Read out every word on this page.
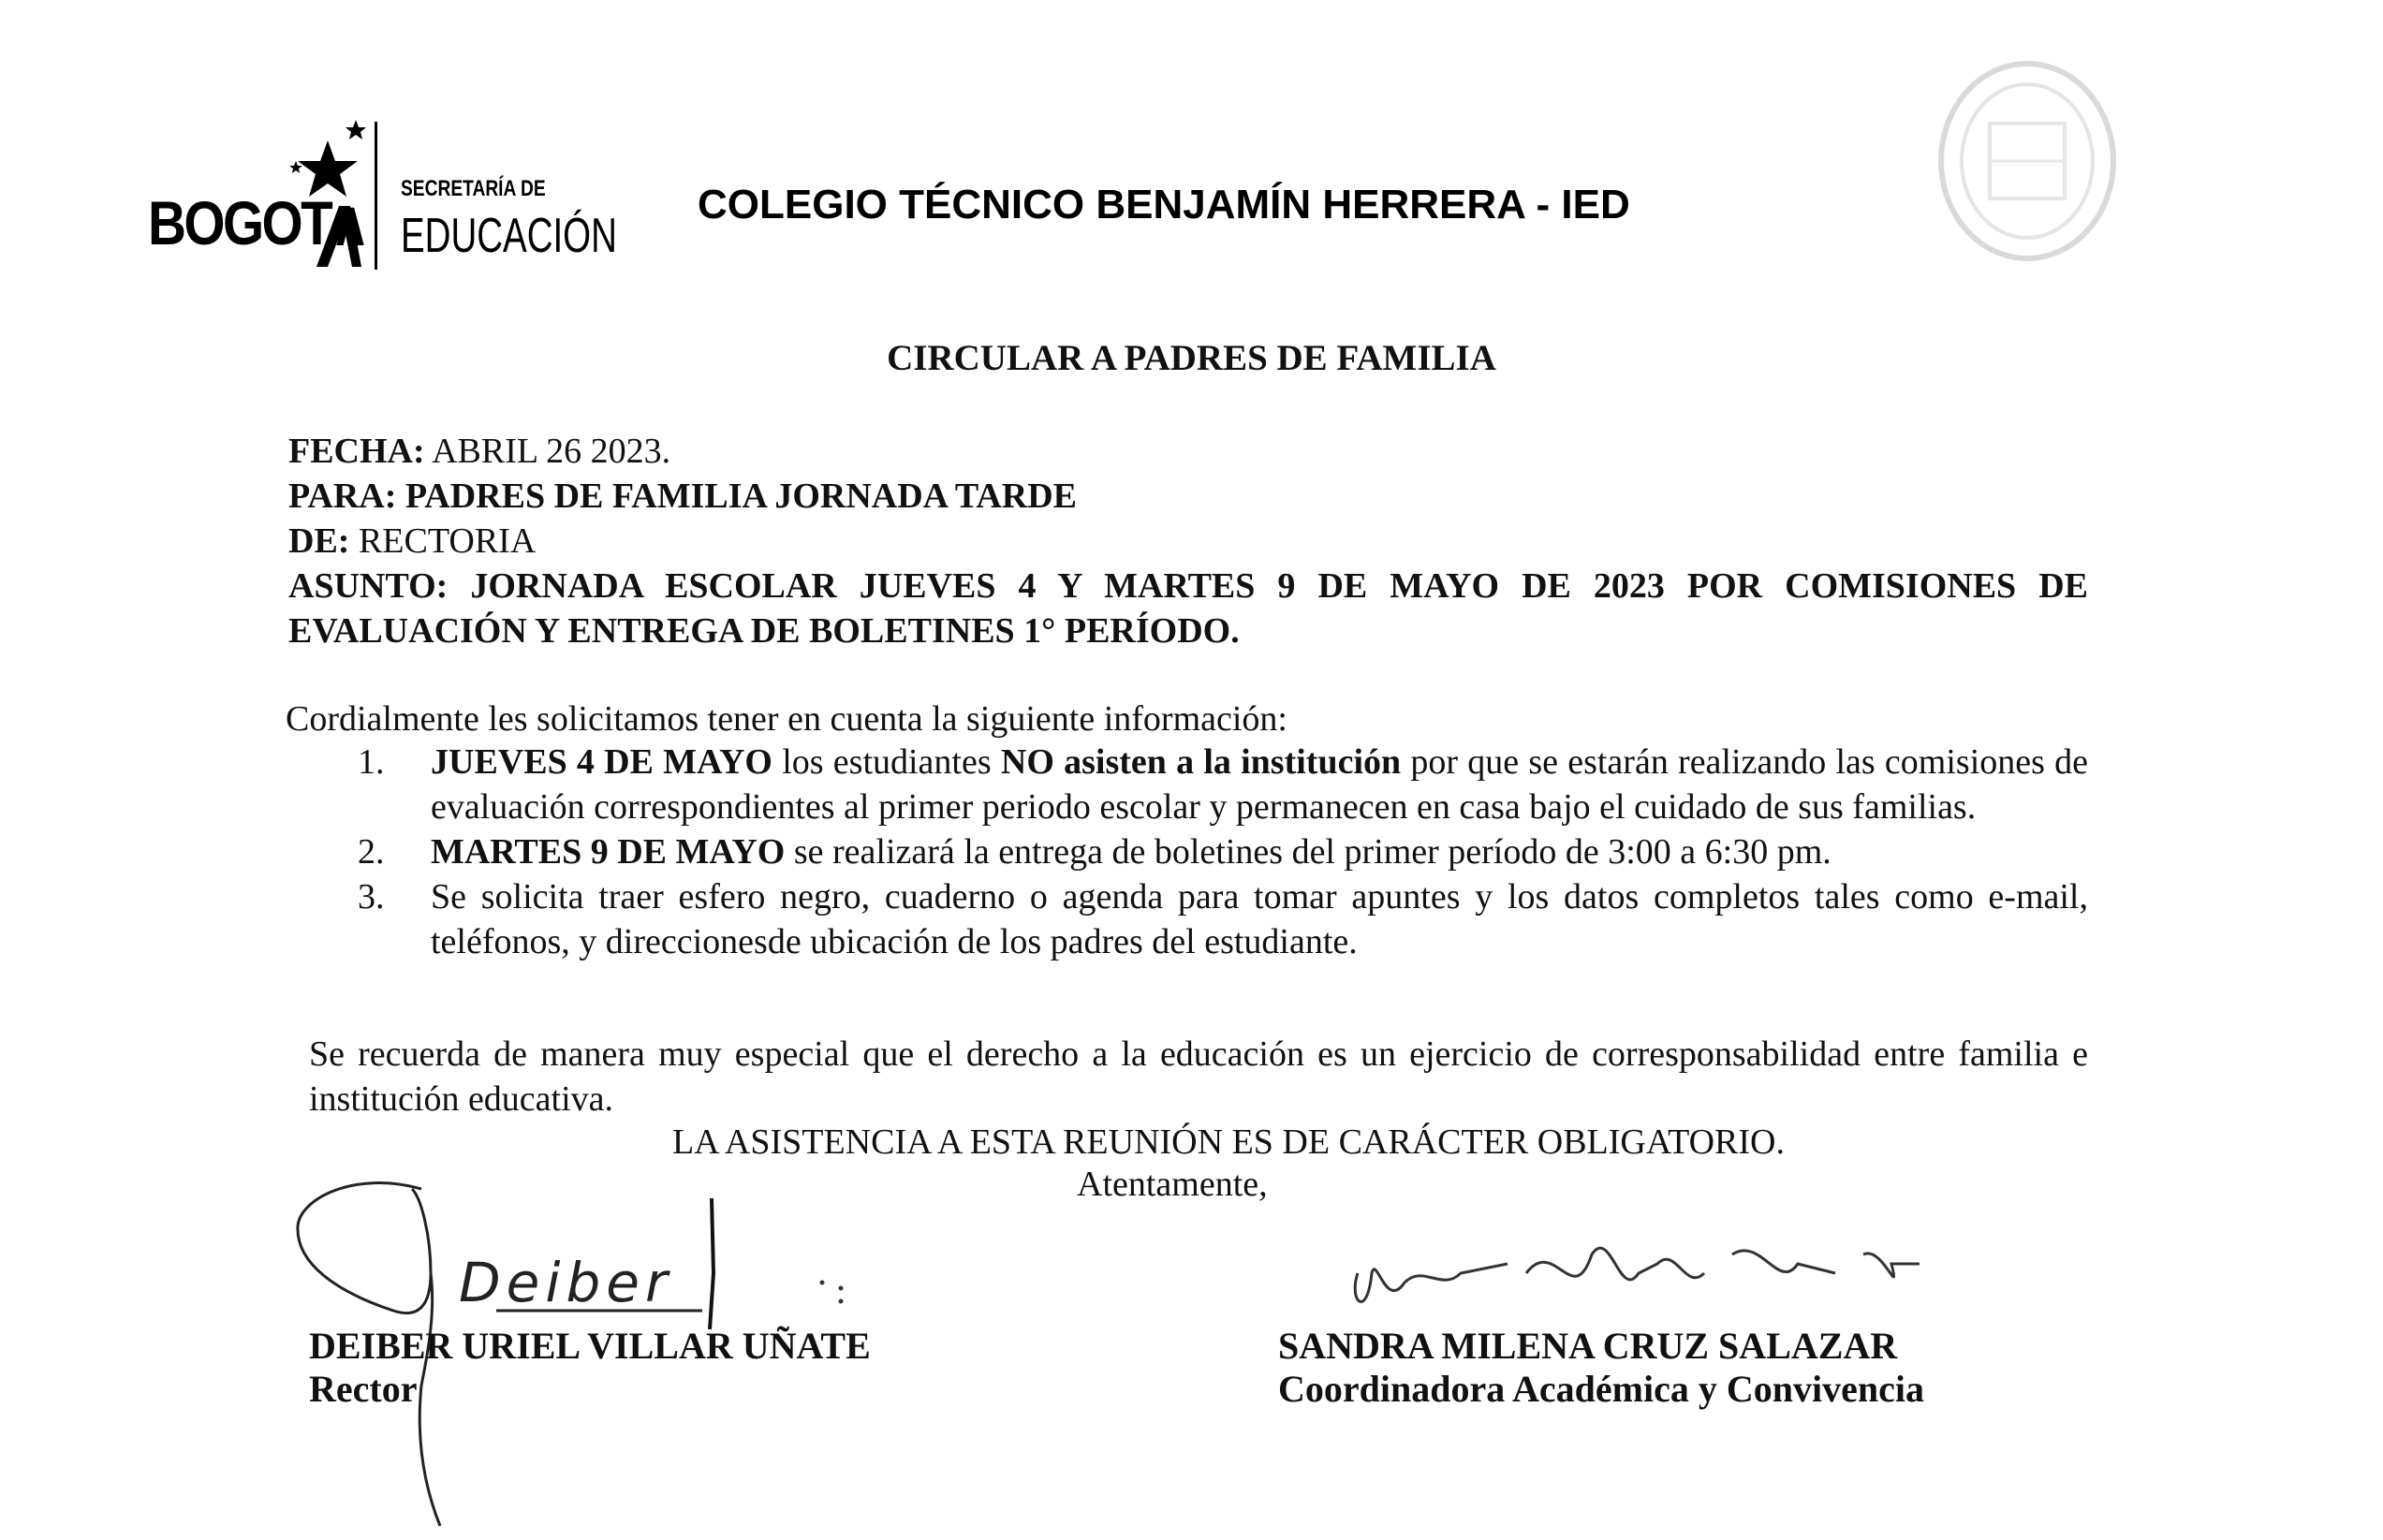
BOGOT∧ SECRETARÍA DE
EDUCACIÓN
COLEGIO TÉCNICO BENJAMÍN HERRERA - IED
CIRCULAR A PADRES DE FAMILIA
FECHA: ABRIL 26 2023.
PARA: PADRES DE FAMILIA JORNADA TARDE
DE: RECTORIA
ASUNTO: JORNADA ESCOLAR JUEVES 4 Y MARTES 9 DE MAYO DE 2023 POR COMISIONES DE EVALUACIÓN Y ENTREGA DE BOLETINES 1° PERÍODO.
Cordialmente les solicitamos tener en cuenta la siguiente información:
1. JUEVES 4 DE MAYO los estudiantes NO asisten a la institución por que se estarán realizando las comisiones de evaluación correspondientes al primer periodo escolar y permanecen en casa bajo el cuidado de sus familias.
2. MARTES 9 DE MAYO se realizará la entrega de boletines del primer período de 3:00 a 6:30 pm.
3. Se solicita traer esfero negro, cuaderno o agenda para tomar apuntes y los datos completos tales como e-mail, teléfonos, y direccionesde ubicación de los padres del estudiante.
Se recuerda de manera muy especial que el derecho a la educación es un ejercicio de corresponsabilidad entre familia e institución educativa.
LA ASISTENCIA A ESTA REUNIÓN ES DE CARÁCTER OBLIGATORIO.
Atentamente,
Deiber
DEIBER URIEL VILLAR UÑATE
Rector
SANDRA MILENA CRUZ SALAZAR
Coordinadora Académica y Convivencia
